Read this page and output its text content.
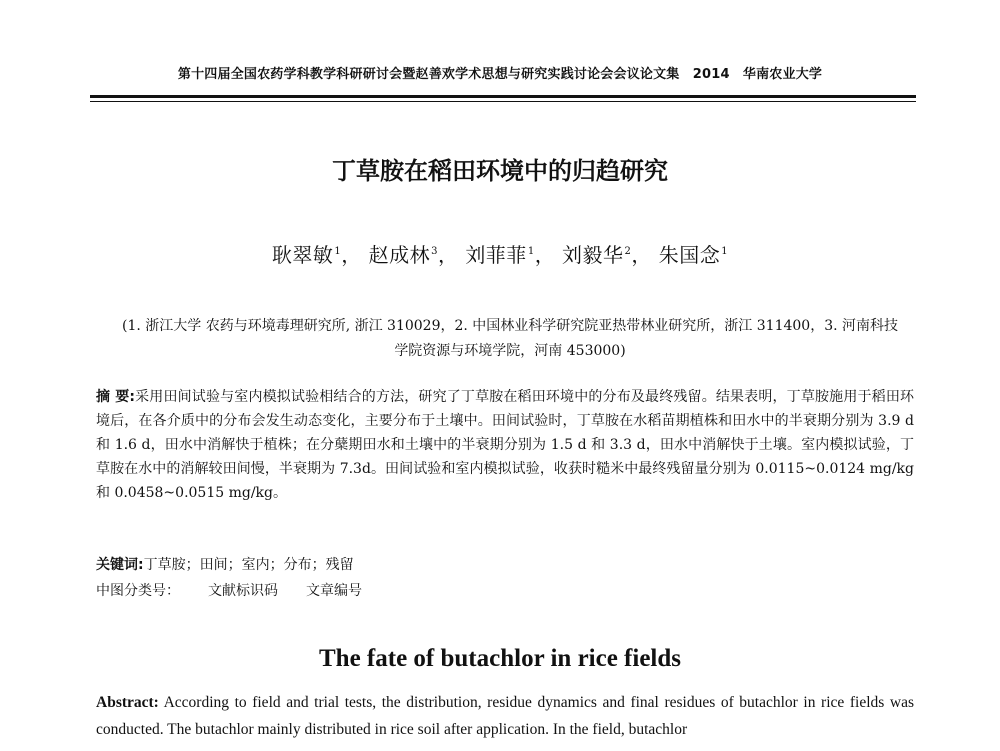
第十四届全国农药学科教学科研研讨会暨赵善欢学术思想与研究实践讨论会会议论文集　2014　华南农业大学
丁草胺在稻田环境中的归趋研究
耿翠敏$^1$， 赵成林$^3$， 刘菲菲$^1$， 刘毅华$^2$， 朱国念$^1$
(1. 浙江大学 农药与环境毒理研究所, 浙江 310029，2. 中国林业科学研究院亚热带林业研究所，浙江 311400，3. 河南科技学院资源与环境学院，河南 453000)
摘 要:采用田间试验与室内模拟试验相结合的方法，研究了丁草胺在稻田环境中的分布及最终残留。结果表明，丁草胺施用于稻田环境后，在各介质中的分布会发生动态变化，主要分布于土壤中。田间试验时，丁草胺在水稻苗期植株和田水中的半衰期分别为 3.9 d 和 1.6 d，田水中消解快于植株；在分蘖期田水和土壤中的半衰期分别为 1.5 d 和 3.3 d，田水中消解快于土壤。室内模拟试验，丁草胺在水中的消解较田间慢，半衰期为 7.3d。田间试验和室内模拟试验，收获时糙米中最终残留量分别为 0.0115~0.0124 mg/kg 和 0.0458~0.0515 mg/kg。
关键词:丁草胺；田间；室内；分布；残留
中图分类号： 文献标识码 文章编号
The fate of butachlor in rice fields
Abstract: According to field and trial tests, the distribution, residue dynamics and final residues of butachlor in rice fields was conducted. The butachlor mainly distributed in rice soil after application. In the field, butachlor
